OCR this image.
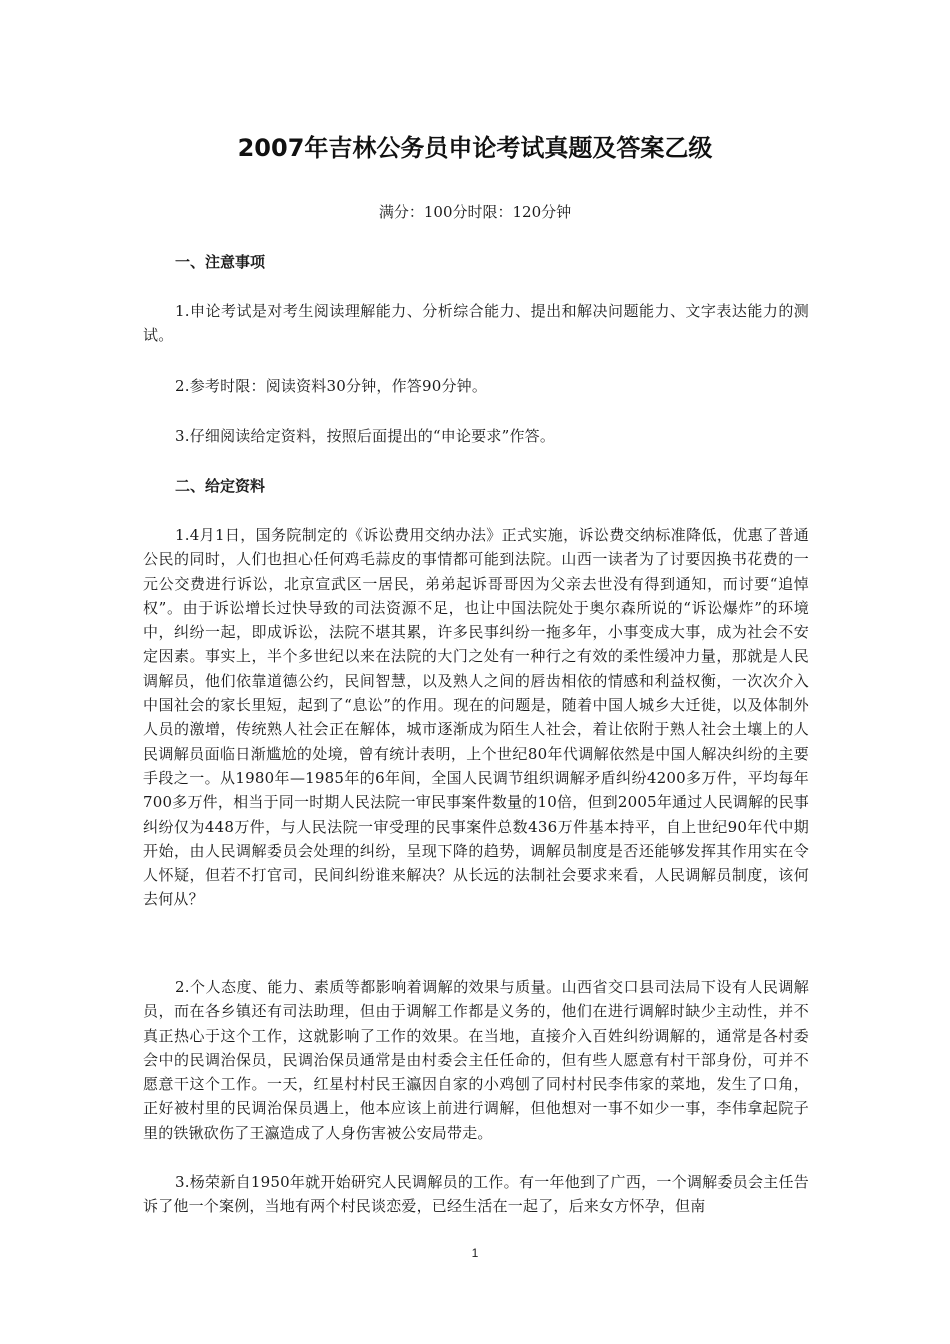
2007年吉林公务员申论考试真题及答案乙级
满分：100分时限：120分钟
一、注意事项

1.申论考试是对考生阅读理解能力、分析综合能力、提出和解决问题能力、文字表达能力的测试。

2.参考时限：阅读资料30分钟，作答90分钟。

3.仔细阅读给定资料，按照后面提出的“申论要求”作答。

二、给定资料

1.4月1日，国务院制定的《诉讼费用交纳办法》正式实施，诉讼费交纳标准降低，优惠了普通公民的同时，人们也担心任何鸡毛蒜皮的事情都可能到法院。山西一读者为了讨要因换书花费的一元公交费进行诉讼，北京宣武区一居民，弟弟起诉哥哥因为父亲去世没有得到通知，而讨要“追悼权”。由于诉讼增长过快导致的司法资源不足，也让中国法院处于奥尔森所说的“诉讼爆炸”的环境中，纠纷一起，即成诉讼，法院不堪其累，许多民事纠纷一拖多年，小事变成大事，成为社会不安定因素。事实上，半个多世纪以来在法院的大门之处有一种行之有效的柔性缓冲力量，那就是人民调解员，他们依靠道德公约，民间智慧，以及熟人之间的唇齿相依的情感和利益权衡，一次次介入中国社会的家长里短，起到了“息讼”的作用。现在的问题是，随着中国人城乡大迁徙，以及体制外人员的激增，传统熟人社会正在解体，城市逐渐成为陌生人社会，着让依附于熟人社会土壤上的人民调解员面临日渐尴尬的处境，曾有统计表明，上个世纪80年代调解依然是中国人解决纠纷的主要手段之一。从1980年—1985年的6年间，全国人民调节组织调解矛盾纠纷4200多万件，平均每年700多万件，相当于同一时期人民法院一审民事案件数量的10倍，但到2005年通过人民调解的民事纠纷仅为448万件，与人民法院一审受理的民事案件总数436万件基本持平，自上世纪90年代中期开始，由人民调解委员会处理的纠纷，呈现下降的趋势，调解员制度是否还能够发挥其作用实在令人怀疑，但若不打官司，民间纠纷谁来解决？从长远的法制社会要求来看，人民调解员制度，该何去何从？

2.个人态度、能力、素质等都影响着调解的效果与质量。山西省交口县司法局下设有人民调解员，而在各乡镇还有司法助理，但由于调解工作都是义务的，他们在进行调解时缺少主动性，并不真正热心于这个工作，这就影响了工作的效果。在当地，直接介入百姓纠纷调解的，通常是各村委会中的民调治保员，民调治保员通常是由村委会主任任命的，但有些人愿意有村干部身份，可并不愿意干这个工作。一天，红星村村民王瀛因自家的小鸡刨了同村村民李伟家的菜地，发生了口角，正好被村里的民调治保员遇上，他本应该上前进行调解，但他想对一事不如少一事，李伟拿起院子里的铁锹砍伤了王瀛造成了人身伤害被公安局带走。

3.杨荣新自1950年就开始研究人民调解员的工作。有一年他到了广西，一个调解委员会主任告诉了他一个案例，当地有两个村民谈恋爱，已经生活在一起了，后来女方怀孕，但南

1
